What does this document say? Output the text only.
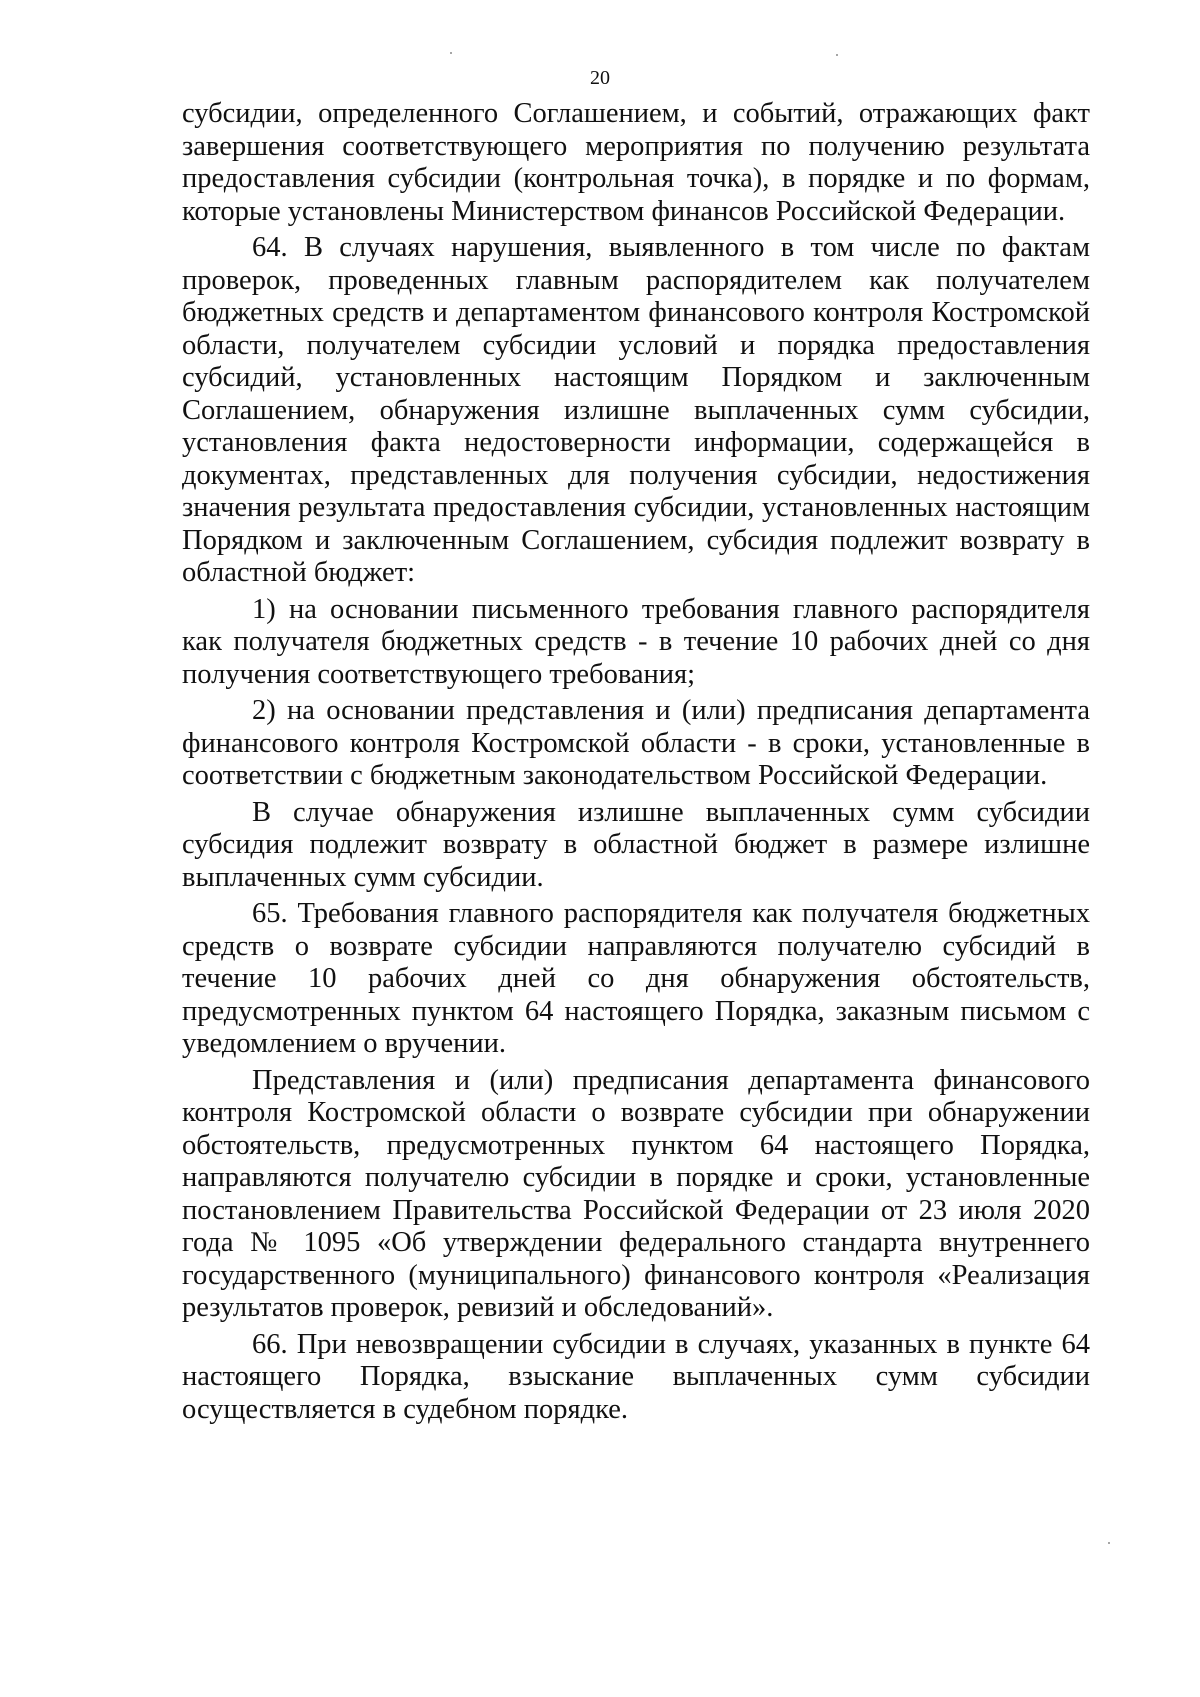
20

субсидии, определенного Соглашением, и событий, отражающих факт завершения соответствующего мероприятия по получению результата предоставления субсидии (контрольная точка), в порядке и по формам, которые установлены Министерством финансов Российской Федерации.

64. В случаях нарушения, выявленного в том числе по фактам проверок, проведенных главным распорядителем как получателем бюджетных средств и департаментом финансового контроля Костромской области, получателем субсидии условий и порядка предоставления субсидий, установленных настоящим Порядком и заключенным Соглашением, обнаружения излишне выплаченных сумм субсидии, установления факта недостоверности информации, содержащейся в документах, представленных для получения субсидии, недостижения значения результата предоставления субсидии, установленных настоящим Порядком и заключенным Соглашением, субсидия подлежит возврату в областной бюджет:

1) на основании письменного требования главного распорядителя как получателя бюджетных средств - в течение 10 рабочих дней со дня получения соответствующего требования;

2) на основании представления и (или) предписания департамента финансового контроля Костромской области - в сроки, установленные в соответствии с бюджетным законодательством Российской Федерации.

В случае обнаружения излишне выплаченных сумм субсидии субсидия подлежит возврату в областной бюджет в размере излишне выплаченных сумм субсидии.

65. Требования главного распорядителя как получателя бюджетных средств о возврате субсидии направляются получателю субсидий в течение 10 рабочих дней со дня обнаружения обстоятельств, предусмотренных пунктом 64 настоящего Порядка, заказным письмом с уведомлением о вручении.

Представления и (или) предписания департамента финансового контроля Костромской области о возврате субсидии при обнаружении обстоятельств, предусмотренных пунктом 64 настоящего Порядка, направляются получателю субсидии в порядке и сроки, установленные постановлением Правительства Российской Федерации от 23 июля 2020 года № 1095 «Об утверждении федерального стандарта внутреннего государственного (муниципального) финансового контроля «Реализация результатов проверок, ревизий и обследований».

66. При невозвращении субсидии в случаях, указанных в пункте 64 настоящего Порядка, взыскание выплаченных сумм субсидии осуществляется в судебном порядке.
